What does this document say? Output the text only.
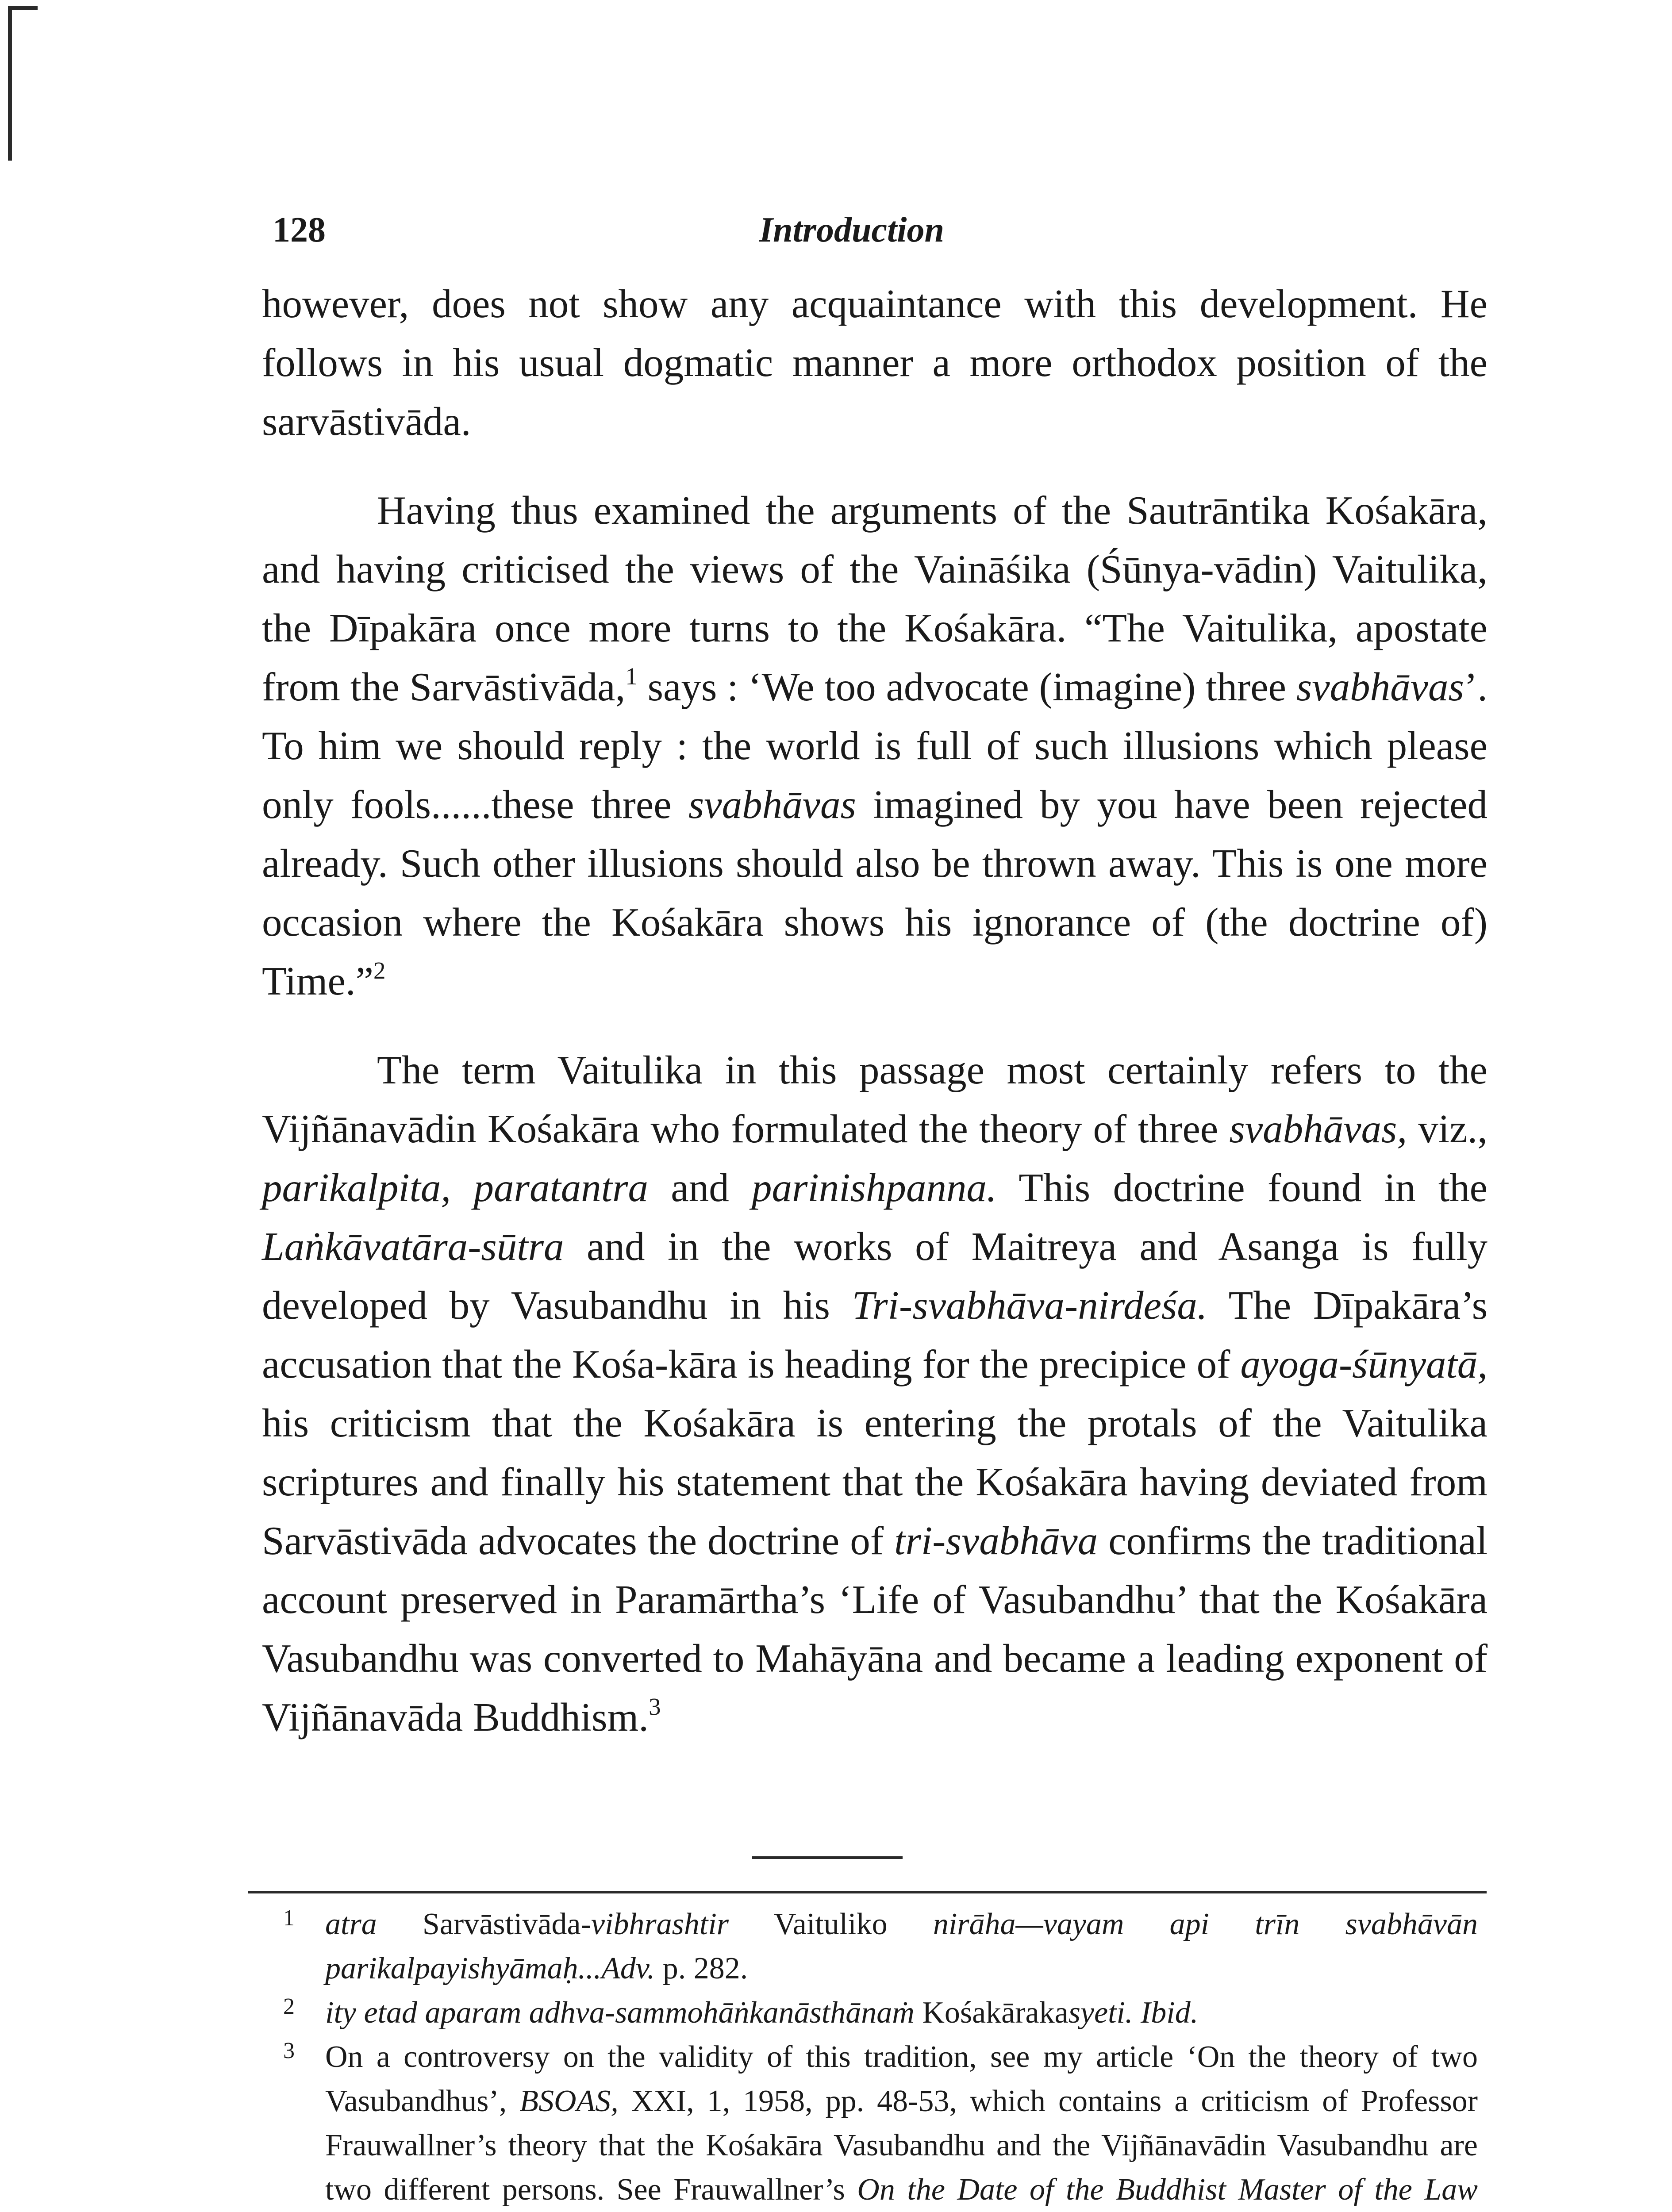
128	Introduction
however, does not show any acquaintance with this development. He follows in his usual dogmatic manner a more orthodox position of the sarvāstivāda.
Having thus examined the arguments of the Sautrāntika Kośakāra, and having criticised the views of the Vaināśika (Śūnya-vādin) Vaitulika, the Dīpakāra once more turns to the Kośakāra. “The Vaitulika, apostate from the Sarvāstivāda,$^1$ says : ‘We too advocate (imagine) three svabhāvas’. To him we should reply : the world is full of such illusions which please only fools......these three svabhāvas imagined by you have been rejected already. Such other illusions should also be thrown away. This is one more occasion where the Kośakāra shows his ignorance of (the doctrine of) Time.”$^2$
The term Vaitulika in this passage most certainly refers to the Vijñānavādin Kośakāra who formulated the theory of three svabhāvas, viz., parikalpita, paratantra and parinishpanna. This doctrine found in the Laṅkāvatāra-sūtra and in the works of Maitreya and Asanga is fully developed by Vasubandhu in his Tri-svabhāva-nirdeśa. The Dīpakāra’s accusation that the Kośa-kāra is heading for the precipice of ayoga-śūnyatā, his criticism that the Kośakāra is entering the protals of the Vaitulika scriptures and finally his statement that the Kośakāra having deviated from Sarvāstivāda advocates the doctrine of tri-svabhāva confirms the traditional account preserved in Paramārtha’s ‘Life of Vasubandhu’ that the Kośakāra Vasubandhu was converted to Mahāyāna and became a leading exponent of Vijñānavāda Buddhism.$^3$
1 atra Sarvāstivāda-vibhrashtir Vaituliko nirāha—vayam api trīn svabhāvān parikalpayishyāmaḥ...Adv. p. 282.
2 ity etad aparam adhva-sammohāṅkanāsthānaṁ Kośakārakasyeti. Ibid.
3 On a controversy on the validity of this tradition, see my article ‘On the theory of two Vasubandhus’, BSOAS, XXI, 1, 1958, pp. 48-53, which contains a criticism of Professor Frauwallner’s theory that the Kośakāra Vasubandhu and the Vijñānavādin Vasubandhu are two different persons. See Frauwallner’s On the Date of the Buddhist Master of the Law
